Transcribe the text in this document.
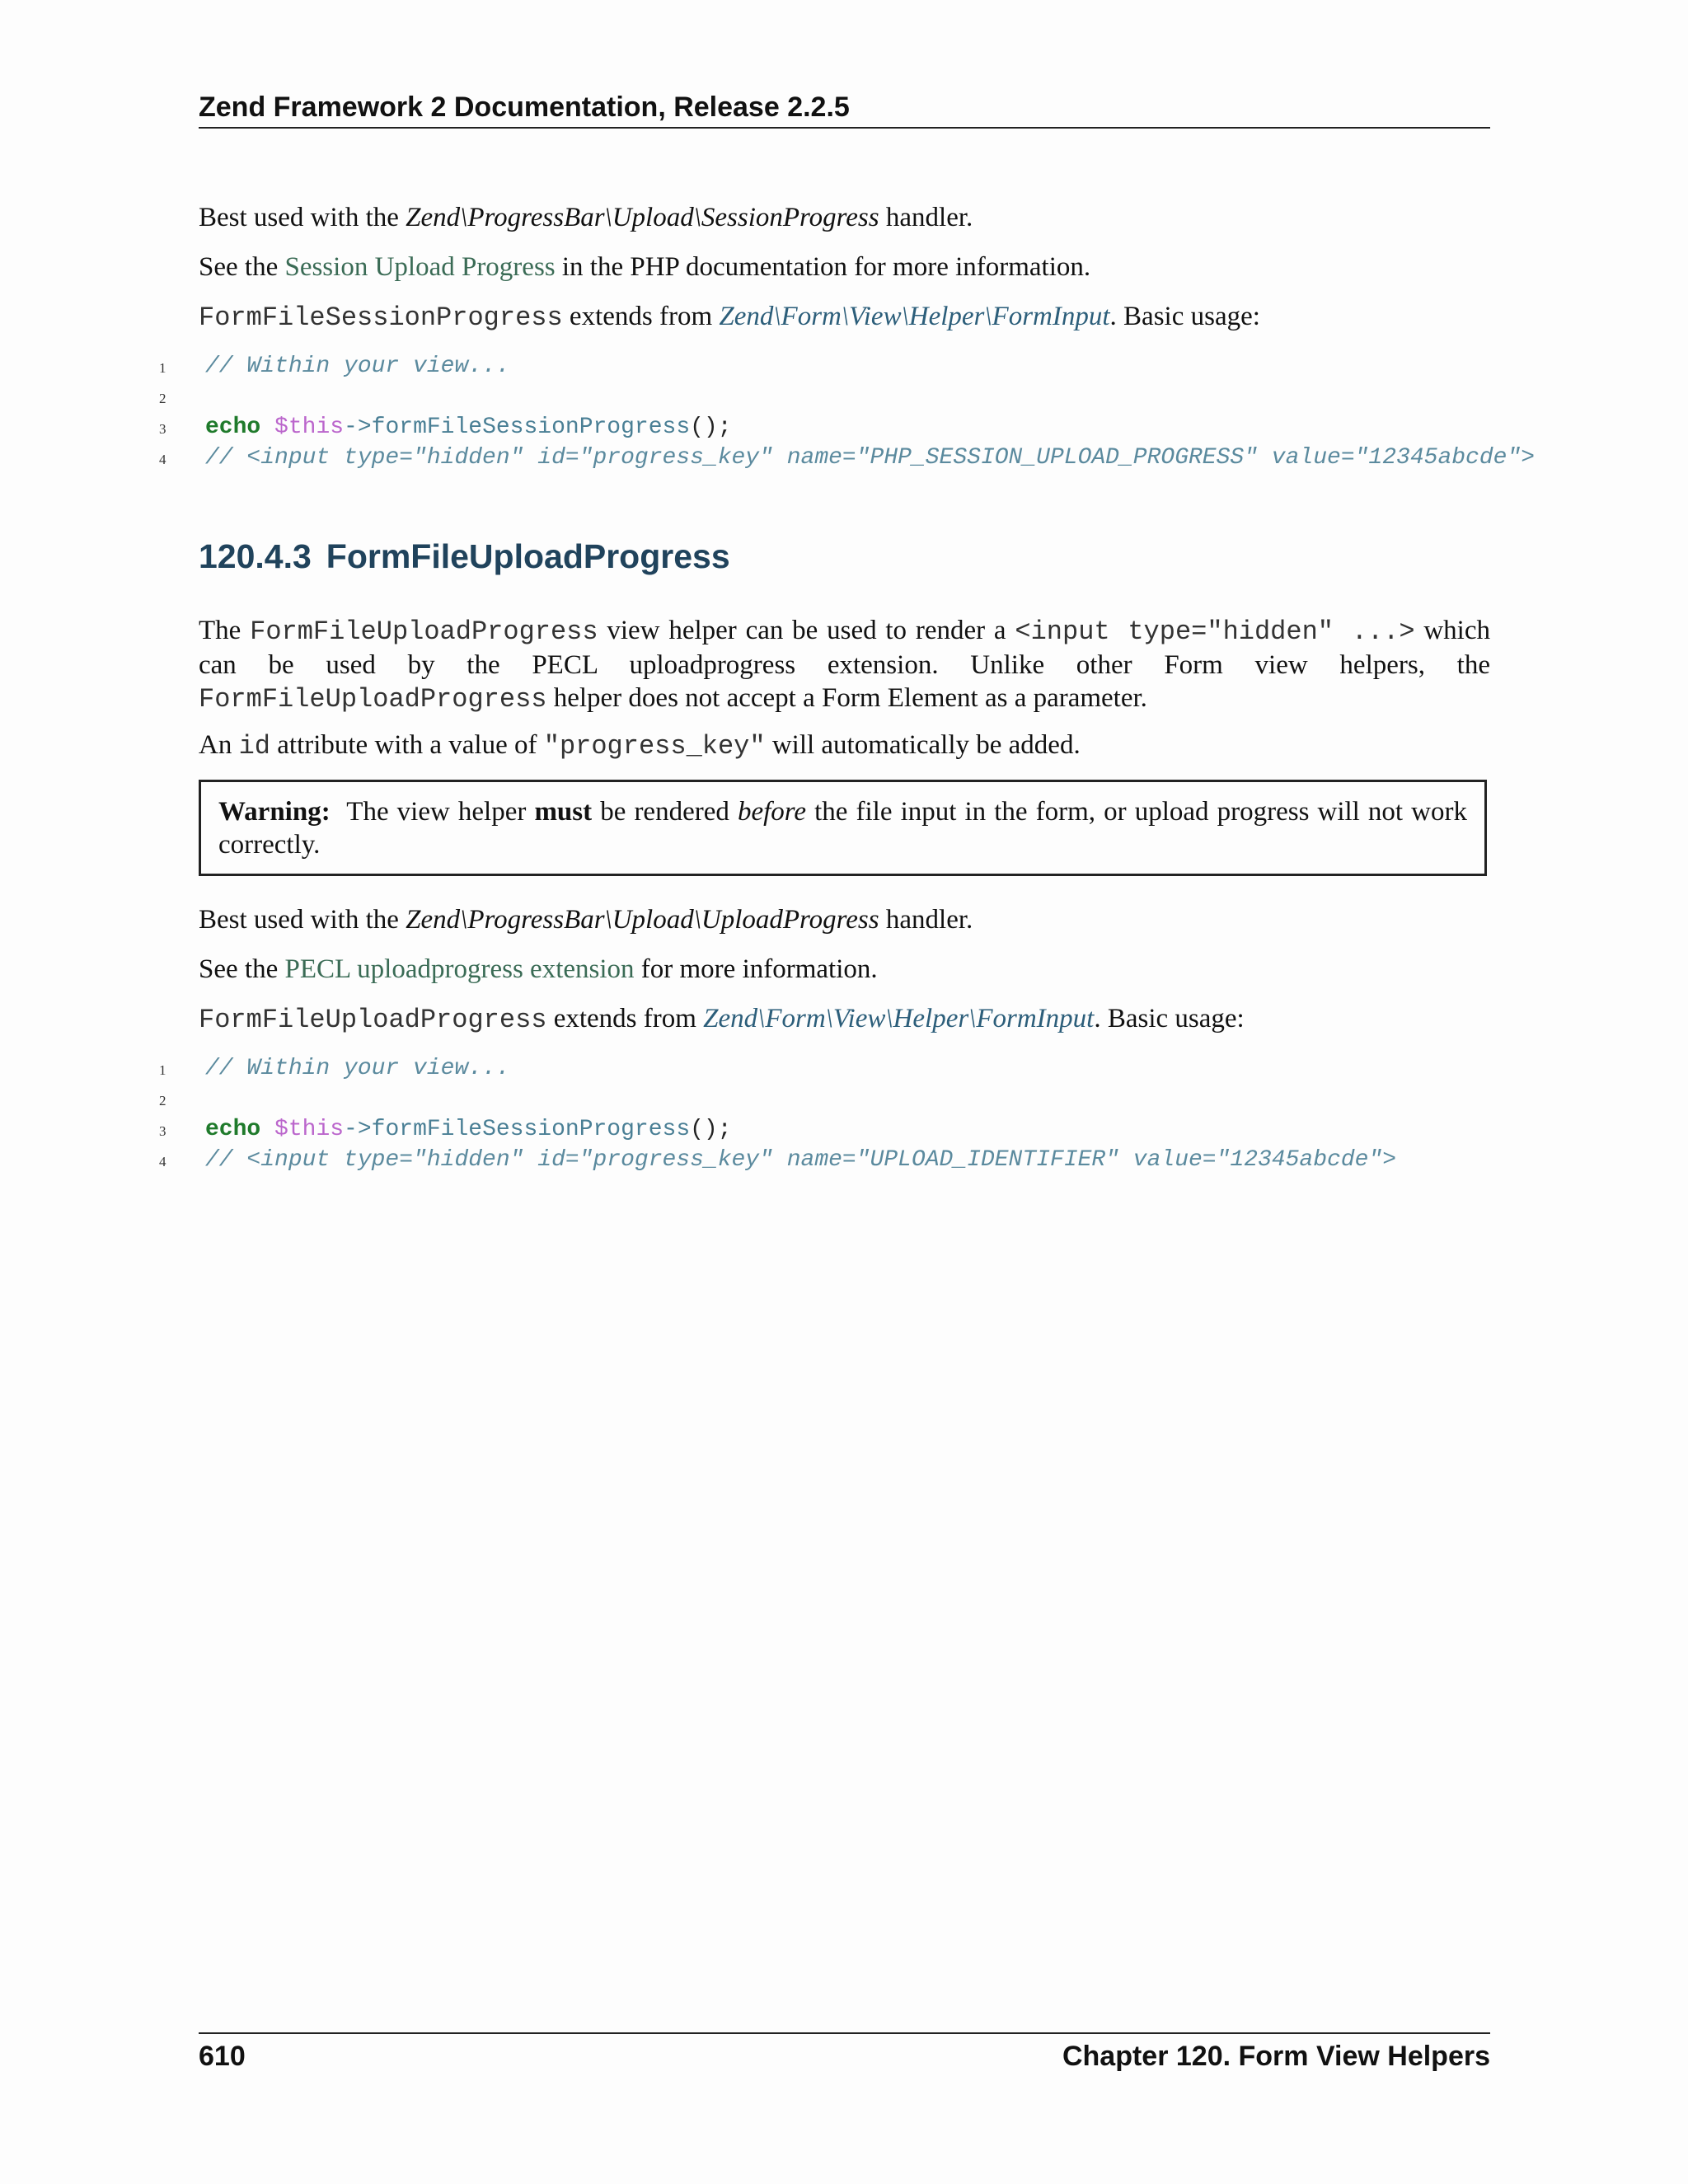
Zend Framework 2 Documentation, Release 2.2.5

Best used with the Zend\ProgressBar\Upload\SessionProgress handler.

See the Session Upload Progress in the PHP documentation for more information.

FormFileSessionProgress extends from Zend\Form\View\Helper\FormInput. Basic usage:

1	// Within your view...
2
3	echo $this->formFileSessionProgress();
4	// <input type="hidden" id="progress_key" name="PHP_SESSION_UPLOAD_PROGRESS" value="12345abcde">
120.4.3 FormFileUploadProgress

The FormFileUploadProgress view helper can be used to render a <input type="hidden" ...> which can be used by the PECL uploadprogress extension. Unlike other Form view helpers, the FormFileUploadProgress helper does not accept a Form Element as a parameter.

An id attribute with a value of "progress_key" will automatically be added.

Warning: The view helper must be rendered before the file input in the form, or upload progress will not work correctly.

Best used with the Zend\ProgressBar\Upload\UploadProgress handler.

See the PECL uploadprogress extension for more information.

FormFileUploadProgress extends from Zend\Form\View\Helper\FormInput. Basic usage:

1	// Within your view...
2
3	echo $this->formFileSessionProgress();
4	// <input type="hidden" id="progress_key" name="UPLOAD_IDENTIFIER" value="12345abcde">
610	Chapter 120. Form View Helpers
